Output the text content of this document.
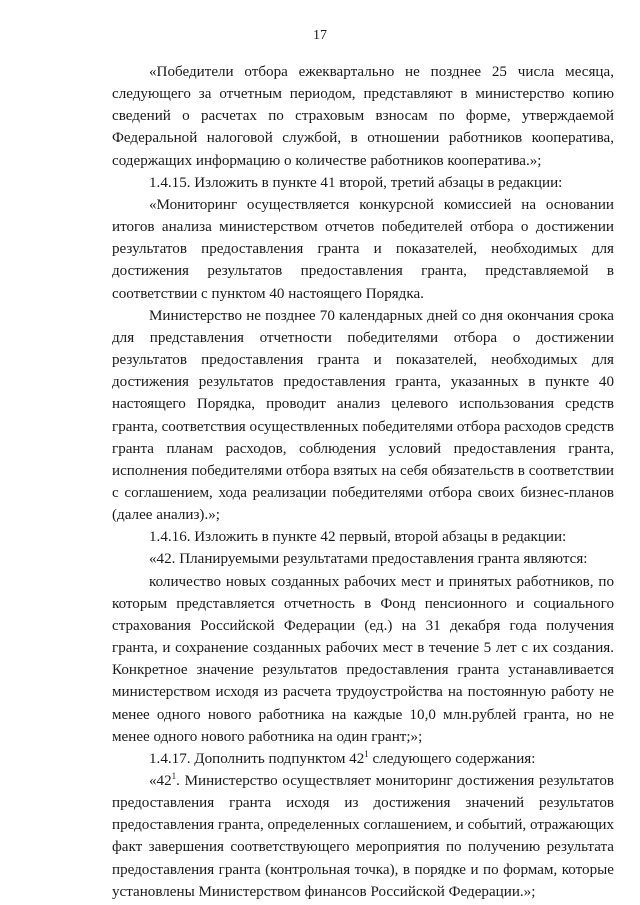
17

«Победители отбора ежеквартально не позднее 25 числа месяца, следующего за отчетным периодом, представляют в министерство копию сведений о расчетах по страховым взносам по форме, утверждаемой Федеральной налоговой службой, в отношении работников кооператива, содержащих информацию о количестве работников кооператива.»;

1.4.15. Изложить в пункте 41 второй, третий абзацы в редакции:

«Мониторинг осуществляется конкурсной комиссией на основании итогов анализа министерством отчетов победителей отбора о достижении результатов предоставления гранта и показателей, необходимых для достижения результатов предоставления гранта, представляемой в соответствии с пунктом 40 настоящего Порядка.

Министерство не позднее 70 календарных дней со дня окончания срока для представления отчетности победителями отбора о достижении результатов предоставления гранта и показателей, необходимых для достижения результатов предоставления гранта, указанных в пункте 40 настоящего Порядка, проводит анализ целевого использования средств гранта, соответствия осуществленных победителями отбора расходов средств гранта планам расходов, соблюдения условий предоставления гранта, исполнения победителями отбора взятых на себя обязательств в соответствии с соглашением, хода реализации победителями отбора своих бизнес-планов (далее анализ).»;

1.4.16. Изложить в пункте 42 первый, второй абзацы в редакции:

«42. Планируемыми результатами предоставления гранта являются:

количество новых созданных рабочих мест и принятых работников, по которым представляется отчетность в Фонд пенсионного и социального страхования Российской Федерации (ед.) на 31 декабря года получения гранта, и сохранение созданных рабочих мест в течение 5 лет с их создания. Конкретное значение результатов предоставления гранта устанавливается министерством исходя из расчета трудоустройства на постоянную работу не менее одного нового работника на каждые 10,0 млн.рублей гранта, но не менее одного нового работника на один грант;»;

1.4.17. Дополнить подпунктом $42^1$ следующего содержания:

«$42^1$. Министерство осуществляет мониторинг достижения результатов предоставления гранта исходя из достижения значений результатов предоставления гранта, определенных соглашением, и событий, отражающих факт завершения соответствующего мероприятия по получению результата предоставления гранта (контрольная точка), в порядке и по формам, которые установлены Министерством финансов Российской Федерации.»;
